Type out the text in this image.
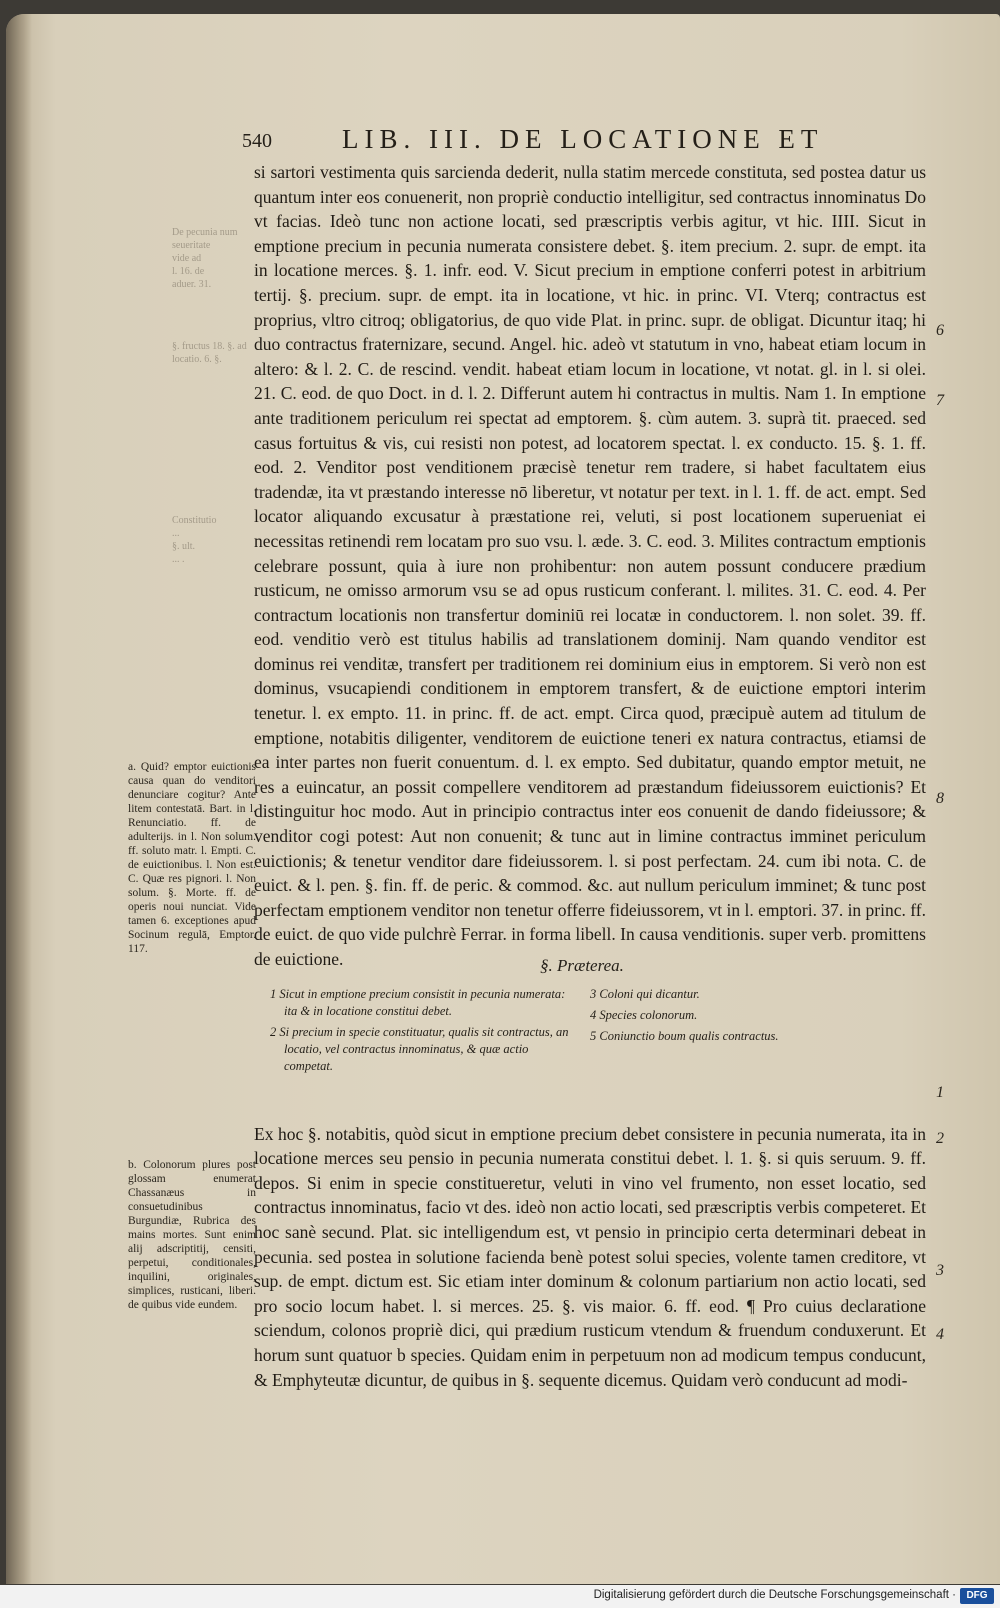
De pecunia num
seueritate
vide ad
l. 16. de
aduer. 31.
§. fructus 18. §. ad
locatio. 6. §.
Constitutio
...
§. ult.
... .
540	LIB. III. DE LOCATIONE ET

si sartori vestimenta quis sarcienda dederit, nulla statim mercede constituta, sed postea datur us quantum inter eos conuenerit, non propriè conductio intelligitur, sed contractus innominatus Do vt facias. Ideò tunc non actione locati, sed præscriptis verbis agitur, vt hic. IIII. Sicut in emptione precium in pecunia numerata consistere debet. §. item precium. 2. supr. de empt. ita in locatione merces. §. 1. infr. eod. V. Sicut precium in emptione conferri potest in arbitrium tertij. §. precium. supr. de empt. ita in locatione, vt hic. in princ. VI. Vterq; contractus est proprius, vltro citroq; obligatorius, de quo vide Plat. in princ. supr. de obligat. Dicuntur itaq; hi duo contractus fraternizare, secund. Angel. hic. adeò vt statutum in vno, habeat etiam locum in altero: & l. 2. C. de rescind. vendit. habeat etiam locum in locatione, vt notat. gl. in l. si olei. 21. C. eod. de quo Doct. in d. l. 2. Differunt autem hi contractus in multis. Nam 1. In emptione ante traditionem periculum rei spectat ad emptorem. §. cùm autem. 3. suprà tit. praeced. sed casus fortuitus & vis, cui resisti non potest, ad locatorem spectat. l. ex conducto. 15. §. 1. ff. eod. 2. Venditor post venditionem præcisè tenetur rem tradere, si habet facultatem eius tradendæ, ita vt præstando interesse nō liberetur, vt notatur per text. in l. 1. ff. de act. empt. Sed locator aliquando excusatur à præstatione rei, veluti, si post locationem superueniat ei necessitas retinendi rem locatam pro suo vsu. l. æde. 3. C. eod. 3. Milites contractum emptionis celebrare possunt, quia à iure non prohibentur: non autem possunt conducere prædium rusticum, ne omisso armorum vsu se ad opus rusticum conferant. l. milites. 31. C. eod. 4. Per contractum locationis non transfertur dominiū rei locatæ in conductorem. l. non solet. 39. ff. eod. venditio verò est titulus habilis ad translationem dominij. Nam quando venditor est dominus rei venditæ, transfert per traditionem rei dominium eius in emptorem. Si verò non est dominus, vsucapiendi conditionem in emptorem transfert, & de euictione emptori interim tenetur. l. ex empto. 11. in princ. ff. de act. empt. Circa quod, præcipuè autem ad titulum de emptione, notabitis diligenter, venditorem de euictione teneri ex natura contractus, etiamsi de ea inter partes non fuerit conuentum. d. l. ex empto. Sed dubitatur, quando emptor metuit, ne res a euincatur, an possit compellere venditorem ad præstandum fideiussorem euictionis? Et distinguitur hoc modo. Aut in principio contractus inter eos conuenit de dando fideiussore; & venditor cogi potest: Aut non conuenit; & tunc aut in limine contractus imminet periculum euictionis; & tenetur venditor dare fideiussorem. l. si post perfectam. 24. cum ibi nota. C. de euict. & l. pen. §. fin. ff. de peric. & commod. &c. aut nullum periculum imminet; & tunc post perfectam emptionem venditor non tenetur offerre fideiussorem, vt in l. emptori. 37. in princ. ff. de euict. de quo vide pulchrè Ferrar. in forma libell. In causa venditionis. super verb. promittens de euictione.

Ex hoc §. notabitis, quòd sicut in emptione precium debet consistere in pecunia numerata, ita in locatione merces seu pensio in pecunia numerata constitui debet. l. 1. §. si quis seruum. 9. ff. depos. Si enim in specie constitueretur, veluti in vino vel frumento, non esset locatio, sed contractus innominatus, facio vt des. ideò non actio locati, sed præscriptis verbis competeret. Et hoc sanè secund. Plat. sic intelligendum est, vt pensio in principio certa determinari debeat in pecunia. sed postea in solutione facienda benè potest solui species, volente tamen creditore, vt sup. de empt. dictum est. Sic etiam inter dominum & colonum partiarium non actio locati, sed pro socio locum habet. l. si merces. 25. §. vis maior. 6. ff. eod. ¶ Pro cuius declaratione sciendum, colonos propriè dici, qui prædium rusticum vtendum & fruendum conduxerunt. Et horum sunt quatuor b species. Quidam enim in perpetuum non ad modicum tempus conducunt, & Emphyteutæ dicuntur, de quibus in §. sequente dicemus. Quidam verò conducunt ad modi-

§. Præterea.
1 Sicut in emptione precium consistit in pecunia numerata: ita & in locatione constitui debet.
2 Si precium in specie constituatur, qualis sit contractus, an locatio, vel contractus innominatus, & quæ actio competat.
3 Coloni qui dicantur.
4 Species colonorum.
5 Coniunctio boum qualis contractus.
a. Quid? emptor euictionis causa quan do venditori denunciare cogitur? Ante litem contestatā. Bart. in l. Renunciatio. ff. de adulterijs. in l. Non solum. ff. soluto matr. l. Empti. C. de euictionibus. l. Non est. C. Quæ res pignori. l. Non solum. §. Morte. ff. de operis noui nunciat. Vide tamen 6. exceptiones apud Socinum regulā, Emptor. 117.
b. Colonorum plures post glossam enumerat Chassanæus in consuetudinibus Burgundiæ, Rubrica des mains mortes. Sunt enim alij adscriptitij, censiti, perpetui, conditionales, inquilini, originales, simplices, rusticani, liberi. de quibus vide eundem.
6
7
8
1
2
3
4
Digitalisierung gefördert durch die Deutsche Forschungsgemeinschaft ·	DFG
